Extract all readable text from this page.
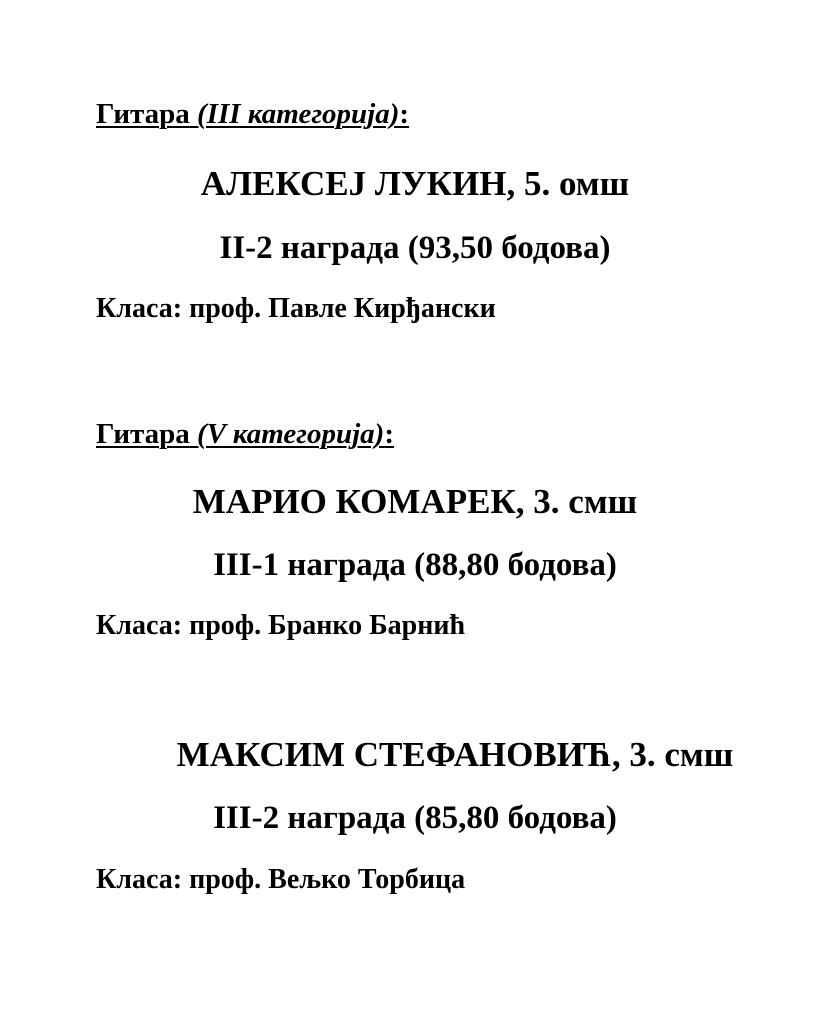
Гитара (III категорија):
АЛЕКСЕЈ ЛУКИН, 5. омш
II-2 награда (93,50 бодова)
Класа: проф. Павле Кирђански
Гитара (V категорија):
МАРИО КОМАРЕК, 3. смш
III-1 награда (88,80 бодова)
Класа: проф. Бранко Барнић
МАКСИМ СТЕФАНОВИЋ, 3. смш
III-2 награда (85,80 бодова)
Класа: проф. Вељко Торбица
